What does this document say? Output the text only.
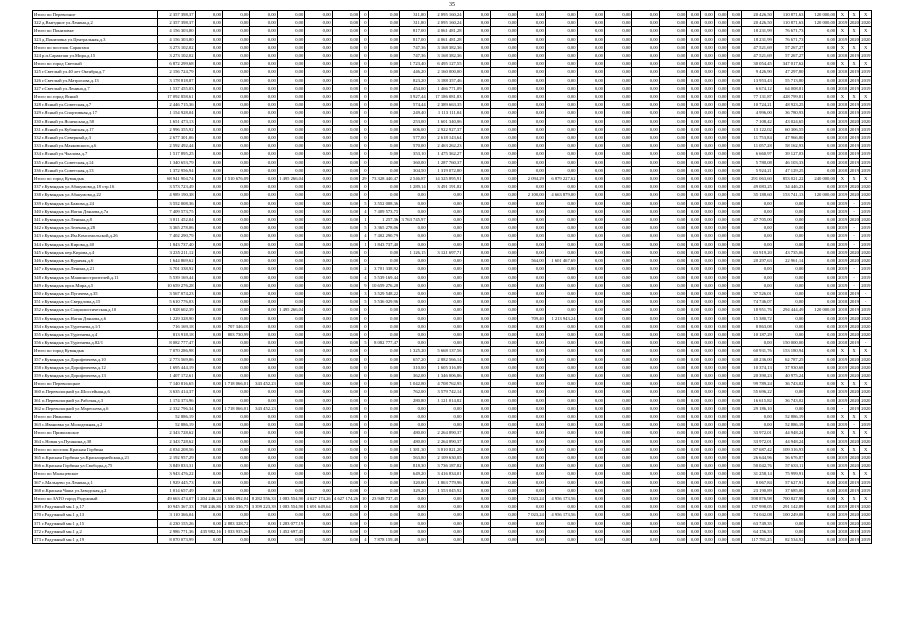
35
Итого по Перевозное	2 357 398,37	0,00	0,00	0,00	0,00	0,00	0,00	0	0,00	311,80	2 095 160,24	0,00	0,00	0,00	0,00	0,00	0,00	0,00	0,00	0,00	0,00	0,00	0,00	20 426,50	110 871,63	120 000,00	X	X	X
322 д.Выездное ул.Ленина,д.2	2 357 398,37	0,00	0,00	0,00	0,00	0,00	0,00	0	0,00	311,80	2 095 160,24	0,00	0,00	0,00	0,00	0,00	0,00	0,00	0,00	0,00	0,00	0,00	0,00	20 426,50	110 871,63	120 000,00	2019	2020	2020
Итого по Понизовке	4 156 303,80	0,00	0,00	0,00	0,00	0,00	0,00	0	0,00	817,00	4 061 481,28	0,00	0,00	0,00	0,00	0,00	0,00	0,00	0,00	0,00	0,00	0,00	0,00	18 231,99	76 671,73	0,00	X	X	X
323 д.Понизовка ул.Центральная,д.3	4 156 303,80	0,00	0,00	0,00	0,00	0,00	0,00	0	0,00	817,00	4 061 481,28	0,00	0,00	0,00	0,00	0,00	0,00	0,00	0,00	0,00	0,00	0,00	0,00	18 231,99	76 671,73	0,00	2019	2020	2020
Итого по поселок Саракташ	3 273 102,02	0,00	0,00	0,00	0,00	0,00	0,00	0	0,00	747,36	3 168 382,36	0,00	0,00	0,00	0,00	0,00	0,00	0,00	0,00	0,00	0,00	0,00	0,00	47 521,69	57 267,27	0,00	X	X	X
324 р.п.Саракташ ул.Мира,д.15	3 273 102,02	0,00	0,00	0,00	0,00	0,00	0,00	0	0,00	747,36	3 168 382,36	0,00	0,00	0,00	0,00	0,00	0,00	0,00	0,00	0,00	0,00	0,00	0,00	47 521,69	57 267,27	0,00	2018	2019	2019
Итого по город Светлый	6 872 299,68	0,00	0,00	0,00	0,00	0,00	0,00	0	0,00	1 723,40	6 495 127,55	0,00	0,00	0,00	0,00	0,00	0,00	0,00	0,00	0,00	0,00	0,00	0,00	30 054,45	347 017,62	0,00	X	X	X
325 г.Светлый ул.40 лет Октября,д.7	2 156 724,79	0,00	0,00	0,00	0,00	0,00	0,00	0	0,00	446,20	2 160 000,00	0,00	0,00	0,00	0,00	0,00	0,00	0,00	0,00	0,00	0,00	0,00	0,00	9 426,90	47 297,80	0,00	2018	2019	2019
326 г.Светлый ул.Матросова,д.13	3 178 818,87	0,00	0,00	0,00	0,00	0,00	0,00	0	0,00	823,20	3 188 357,46	0,00	0,00	0,00	0,00	0,00	0,00	0,00	0,00	0,00	0,00	0,00	0,00	13 953,43	55 713,80	0,00	2018	2019	2019
327 г.Светлый ул.Ленина,д.7	1 537 455,03	0,00	0,00	0,00	0,00	0,00	0,00	0	0,00	454,00	1 466 771,09	0,00	0,00	0,00	0,00	0,00	0,00	0,00	0,00	0,00	0,00	0,00	0,00	6 674,12	64 008,81	0,00	2018	2019	2019
Итого по город Ясный	17 092 858,61	0,00	0,00	0,00	0,00	0,00	0,00	0	0,00	3 927,44	17 186 081,83	0,00	0,00	0,00	0,00	0,00	0,00	0,00	0,00	0,00	0,00	0,00	0,00	77 131,87	428 799,81	0,00	X	X	X
328 г.Ясный ул.Советская,д.7	2 446 715,36	0,00	0,00	0,00	0,00	0,00	0,00	0	0,00	574,44	2 389 663,35	0,00	0,00	0,00	0,00	0,00	0,00	0,00	0,00	0,00	0,00	0,00	0,00	10 724,21	48 923,25	0,00	2018	2019	2019
329 г.Ясный ул.Спортивная,д.17	1 154 928,04	0,00	0,00	0,00	0,00	0,00	0,00	0	0,00	249,40	1 113 111,04	0,00	0,00	0,00	0,00	0,00	0,00	0,00	0,00	0,00	0,00	0,00	0,00	4 996,00	36 780,93	0,00	2018	2019	2019
330 г.Ясный ул.Ясненская,д.58	1 651 473,13	0,00	0,00	0,00	0,00	0,00	0,00	0	0,00	253,00	1 601 340,06	0,00	0,00	0,00	0,00	0,00	0,00	0,00	0,00	0,00	0,00	0,00	0,00	7 108,42	43 024,65	0,00	2019	2020	2020
331 г.Ясный ул.Кубанская,д.17	2 996 355,92	0,00	0,00	0,00	0,00	0,00	0,00	0	0,00	606,00	2 922 927,37	0,00	0,00	0,00	0,00	0,00	0,00	0,00	0,00	0,00	0,00	0,00	0,00	13 122,02	60 306,55	0,00	2018	2019	2019
332 г.Ясный ул.Северный,д.3	2 677 301,06	0,00	0,00	0,00	0,00	0,00	0,00	0	0,00	577,00	2 618 143,64	0,00	0,00	0,00	0,00	0,00	0,00	0,00	0,00	0,00	0,00	0,00	0,00	11 753,84	47 966,80	0,00	2018	2019	2019
333 г.Ясный ул.Маяковского,д.6	2 592 492,44	0,00	0,00	0,00	0,00	0,00	0,00	0	0,00	570,00	2 463 262,23	0,00	0,00	0,00	0,00	0,00	0,00	0,00	0,00	0,00	0,00	0,00	0,00	11 057,28	58 162,93	0,00	2018	2019	2019
334 г.Ясный ул.Чкалова,д.7	1 517 895,25	0,00	0,00	0,00	0,00	0,00	0,00	0	0,00	353,10	1 475 362,27	0,00	0,00	0,00	0,00	0,00	0,00	0,00	0,00	0,00	0,00	0,00	0,00	6 660,97	39 127,03	0,00	2018	2019	2019
335 г.Ясный ул.Советская,д.14	1 340 653,79	0,00	0,00	0,00	0,00	0,00	0,00	0	0,00	360,00	1 287 760,37	0,00	0,00	0,00	0,00	0,00	0,00	0,00	0,00	0,00	0,00	0,00	0,00	5 780,08	46 103,33	0,00	2018	2019	2019
336 г.Ясный ул.Советская,д.13	1 372 956,94	0,00	0,00	0,00	0,00	0,00	0,00	0	0,00	304,50	1 319 072,80	0,00	0,00	0,00	0,00	0,00	0,00	0,00	0,00	0,00	0,00	0,00	0,00	5 924,21	47 129,25	0,00	2018	2019	2019
Итого по город Кувандык	68 941 904,74	0,00	1 510 676,09	0,00	1 495 266,04	0,00	0,00	29	73 328 440,47	2 546,87	14 325 895,91	0,00	0,00	2 094,29	6 879 227,62	0,00	0,00	0,00	0,00	0,00	0,00	0,00	0,00	291 063,60	853 021,22	240 000,00	X	X	X
337 г.Кувандык ул.Абакумова,д.18 стр.16	3 573 723,49	0,00	0,00	0,00	0,00	0,00	0,00	0	0,00	1 289,14	3 491 191,82	0,00	0,00	0,00	0,00	0,00	0,00	0,00	0,00	0,00	0,00	0,00	0,00	49 083,25	34 446,23	0,00	2019	2020	2020
338 г.Кувандык ул.Абакумова,д.22	4 989 190,38	0,00	0,00	0,00	0,00	0,00	0,00	0	0,00	0,00	0,00	0,00	0,00	2 100,00	4 663 879,00	0,00	0,00	0,00	0,00	0,00	0,00	0,00	0,00	35 188,60	153 741,13	120 000,00	2019	2020	2020
339 г.Кувандык ул.Бажова,д.24	3 552 008,36	0,00	0,00	0,00	0,00	0,00	0,00	5	3 552 008,36	0,00	0,00	0,00	0,00	0,00	0,00	0,00	0,00	0,00	0,00	0,00	0,00	0,00	0,00	0,00	0,00	0,00	2019	-	2019
340 г.Кувандык ул.Нагая Дзянова,д.7а	7 409 573,75	0,00	0,00	0,00	0,00	0,00	0,00	4	7 409 573,75	0,00	0,00	0,00	0,00	0,00	0,00	0,00	0,00	0,00	0,00	0,00	0,00	0,00	0,00	0,00	0,00	0,00	2019	-	2019
341 г.Кувандык ул.Ленина,д.8	3 811 452,04	0,00	0,00	0,00	0,00	0,00	0,00	1	1 257,36	3 763 745,97	0,00	0,00	0,00	0,00	0,00	0,00	0,00	0,00	0,00	0,00	0,00	0,00	0,00	47 705,00	0,00	0,00	2019	2020	2020
342 г.Кувандык ул.Зеленая,д.28	3 365 278,06	0,00	0,00	0,00	0,00	0,00	0,00	5	3 365 278,06	0,00	0,00	0,00	0,00	0,00	0,00	0,00	0,00	0,00	0,00	0,00	0,00	0,00	0,00	0,00	0,00	0,00	2019	-	2019
343 г.Кувандык ул.Им.Комсомольской,д.26	7 402 290,79	0,00	0,00	0,00	0,00	0,00	0,00	4	7 402 290,79	0,00	0,00	0,00	0,00	0,00	0,00	0,00	0,00	0,00	0,00	0,00	0,00	0,00	0,00	0,00	0,00	0,00	2019	-	2019
344 г.Кувандык ул.Кирова,д.40	1 843 737,40	0,00	0,00	0,00	0,00	0,00	0,00	1	1 843 737,40	0,00	0,00	0,00	0,00	0,00	0,00	0,00	0,00	0,00	0,00	0,00	0,00	0,00	0,00	0,00	0,00	0,00	2019	-	2019
345 г.Кувандык пер.Кирова,д.4	3 235 211,12	0,00	0,00	0,00	0,00	0,00	0,00	0	0,00	1 126,15	3 121 697,71	0,00	0,00	0,00	0,00	0,00	0,00	0,00	0,00	0,00	0,00	0,00	0,00	63 919,20	43 735,06	0,00	2019	2020	2020
346 г.Кувандык ул.Курячая,д.6	1 644 869,62	0,00	0,00	0,00	0,00	0,00	0,00	0	0,00	0,00	0,00	0,00	0,00	564,00	1 601 467,69	0,00	0,00	0,00	0,00	0,00	0,00	0,00	0,00	20 297,63	22 961,14	0,00	2019	2020	2020
347 г.Кувандык ул.Ленина,д.21	3 701 338,92	0,00	0,00	0,00	0,00	0,00	0,00	2	3 701 338,92	0,00	0,00	0,00	0,00	0,00	0,00	0,00	0,00	0,00	0,00	0,00	0,00	0,00	0,00	0,00	0,00	0,00	2019	-	2019
348 г.Кувандык ул.Машиностроителей,д.11	5 539 169,44	0,00	0,00	0,00	0,00	0,00	0,00	4	5 539 169,44	0,00	0,00	0,00	0,00	0,00	0,00	0,00	0,00	0,00	0,00	0,00	0,00	0,00	0,00	0,00	0,00	0,00	2019	-	2019
349 г.Кувандык прсп.Мира,д.5	10 659 276,28	0,00	0,00	0,00	0,00	0,00	0,00	9	10 659 276,28	0,00	0,00	0,00	0,00	0,00	0,00	0,00	0,00	0,00	0,00	0,00	0,00	0,00	0,00	0,00	0,00	0,00	2019	-	2019
350 г.Кувандык ул.Пугачева,д.35	3 567 074,23	0,00	0,00	0,00	0,00	0,00	0,00	3	3 529 548,22	0,00	0,00	0,00	0,00	0,00	0,00	0,00	0,00	0,00	0,00	0,00	0,00	0,00	0,00	37 526,01	0,00	0,00	2018	2019	-
351 г.Кувандык ул.Свердлова,д.15	5 610 776,03	0,00	0,00	0,00	0,00	0,00	0,00	5	5 536 029,96	0,00	0,00	0,00	0,00	0,00	0,00	0,00	0,00	0,00	0,00	0,00	0,00	0,00	0,00	74 746,07	0,00	0,00	2018	2019	-
352 г.Кувандык ул.Социалистическая,д.10	1 928 602,39	0,00	0,00	0,00	1 495 266,04	0,00	0,00	0	0,00	0,00	0,00	0,00	0,00	0,00	0,00	0,00	0,00	0,00	0,00	0,00	0,00	0,00	0,00	18 951,76	294 444,49	120 000,00	2018	2019	2019
353 г.Кувандык ул.Нагая Дзянова,д.6	1 229 328,90	0,00	0,00	0,00	0,00	0,00	0,00	0	0,00	0,00	0,00	0,00	0,00	709,40	1 213 943,24	0,00	0,00	0,00	0,00	0,00	0,00	0,00	0,00	15 380,72	0,00	0,00	2019	2020	2020
354 г.Кувандык ул.Тургенева,д.1/1	716 169,18	0,00	707 346,10	0,00	0,00	0,00	0,00	0	0,00	0,00	0,00	0,00	0,00	0,00	0,00	0,00	0,00	0,00	0,00	0,00	0,00	0,00	0,00	8 863,08	0,00	0,00	2019	2020	2020
355 г.Кувандык ул.Тургенева,д.4	813 918,18	0,00	803 730,99	0,00	0,00	0,00	0,00	0	0,00	0,00	0,00	0,00	0,00	0,00	0,00	0,00	0,00	0,00	0,00	0,00	0,00	0,00	0,00	10 187,29	0,00	0,00	2019	2020	2020
356 г.Кувандык ул.Тургенева,д.82/1	8 082 777,47	0,00	0,00	0,00	0,00	0,00	0,00	5	8 082 777,47	0,00	0,00	0,00	0,00	0,00	0,00	0,00	0,00	0,00	0,00	0,00	0,00	0,00	0,00	0,00	150 000,00	0,00	2018	2019	-
Итого по город Кувандык	7 070 286,98	0,00	0,00	0,00	0,00	0,00	0,00	0	0,00	1 325,20	5 668 137,56	0,00	0,00	0,00	0,00	0,00	0,00	0,00	0,00	0,00	0,00	0,00	0,00	60 931,76	153 180,94	0,00	X	X	X
357 г.Кувандык ул.Дорофеичева,д.10	2 773 569,86	0,00	0,00	0,00	0,00	0,00	0,00	0	0,00	657,20	2 882 566,14	0,00	0,00	0,00	0,00	0,00	0,00	0,00	0,00	0,00	0,00	0,00	0,00	40 236,00	62 787,25	0,00	2019	2020	2020
358 г.Кувандык ул.Дорофеичева,д.12	1 695 444,19	0,00	0,00	0,00	0,00	0,00	0,00	0	0,00	310,00	1 605 316,89	0,00	0,00	0,00	0,00	0,00	0,00	0,00	0,00	0,00	0,00	0,00	0,00	10 374,13	37 930,68	0,00	2019	2020	2020
359 г.Кувандык ул.Дорофеичева,д.13	1 407 172,61	0,00	0,00	0,00	0,00	0,00	0,00	0	0,00	362,00	1 346 006,86	0,00	0,00	0,00	0,00	0,00	0,00	0,00	0,00	0,00	0,00	0,00	0,00	20 390,23	40 975,24	0,00	2019	2020	2020
Итого по Переволоцкое	7 140 816,65	0,00	1 718 066,01	343 452,23	0,00	0,00	0,00	0	0,00	1 042,80	4 708 762,95	0,00	0,00	0,00	0,00	0,00	0,00	0,00	0,00	0,00	0,00	0,00	0,00	99 789,24	36 743,02	0,00	X	X	X
360 п.Переволоцкий ул.Шоссейная,д.6	3 635 414,37	0,00	0,00	0,00	0,00	0,00	0,00	0	0,00	762,00	3 579 742,14	0,00	0,00	0,00	0,00	0,00	0,00	0,00	0,00	0,00	0,00	0,00	0,00	55 696,22	0,00	0,00	2019	2020	2020
361 п.Переволоцкий ул.Рабочая,д.3	1 174 373,96	0,00	0,00	0,00	0,00	0,00	0,00	0	0,00	280,80	1 121 014,82	0,00	0,00	0,00	0,00	0,00	0,00	0,00	0,00	0,00	0,00	0,00	0,00	16 615,82	36 743,02	0,00	2019	2020	2020
362 п.Переволоцкий ул.Маресьева,д.6	2 332 796,34	0,00	1 718 066,01	343 452,23	0,00	0,00	0,00	0	0,00	0,00	0,00	0,00	0,00	0,00	0,00	0,00	0,00	0,00	0,00	0,00	0,00	0,00	0,00	29 186,10	0,00	0,00	-	2019	2020
Итого по Ивановка	52 886,19	0,00	0,00	0,00	0,00	0,00	0,00	0	0,00	0,00	0,00	0,00	0,00	0,00	0,00	0,00	0,00	0,00	0,00	0,00	0,00	0,00	0,00	0,00	52 886,19	0,00	X	X	X
363 с.Ивановка ул.Молодежная,д.2	52 886,19	0,00	0,00	0,00	0,00	0,00	0,00	0	0,00	0,00	0,00	0,00	0,00	0,00	0,00	0,00	0,00	0,00	0,00	0,00	0,00	0,00	0,00	0,00	52 886,19	0,00	2019	-	2019
Итого по Приволжское	2 343 728,62	0,00	0,00	0,00	0,00	0,00	0,00	0	0,00	480,00	2 264 890,37	0,00	0,00	0,00	0,00	0,00	0,00	0,00	0,00	0,00	0,00	0,00	0,00	33 972,01	44 948,24	0,00	X	X	X
364 с.Новая ул.Пушкина,д.38	2 343 728,62	0,00	0,00	0,00	0,00	0,00	0,00	0	0,00	480,00	2 264 890,37	0,00	0,00	0,00	0,00	0,00	0,00	0,00	0,00	0,00	0,00	0,00	0,00	33 972,01	44 948,24	0,00	2019	2020	2020
Итого по поселок Красная Горбина	4 034 208,56	0,00	0,00	0,00	0,00	0,00	0,00	0	0,00	1 381,30	3 810 821,20	0,00	0,00	0,00	0,00	0,00	0,00	0,00	0,00	0,00	0,00	0,00	0,00	87 687,42	109 316,93	0,00	X	X	X
365 п.Красная Горбина ул.Красноармейская,д.21	2 192 957,29	0,00	0,00	0,00	0,00	0,00	0,00	0	0,00	563,80	2 109 630,05	0,00	0,00	0,00	0,00	0,00	0,00	0,00	0,00	0,00	0,00	0,00	0,00	26 644,96	56 676,87	0,00	2019	2020	2020
366 п.Красная Горбина ул.Свободы,д.75	3 849 833,31	0,00	0,00	0,00	0,00	0,00	0,00	0	0,00	818,30	3 736 187,82	0,00	0,00	0,00	0,00	0,00	0,00	0,00	0,00	0,00	0,00	0,00	0,00	50 042,76	57 633,11	0,00	2019	2020	2020
Итого по Мальцевское	3 943 476,22	0,00	0,00	0,00	0,00	0,00	0,00	0	0,00	649,20	3 416 834,01	0,00	0,00	0,00	0,00	0,00	0,00	0,00	0,00	0,00	0,00	0,00	0,00	31 258,14	75 999,91	0,00	X	X	X
367 с.Мальцево ул.Ленина,д.1	1 929 445,73	0,00	0,00	0,00	0,00	0,00	0,00	0	0,00	320,00	1 863 779,96	0,00	0,00	0,00	0,00	0,00	0,00	0,00	0,00	0,00	0,00	0,00	0,00	8 067,84	57 627,91	0,00	2018	2019	2019
368 п.Красная Чаша ул.Заводская,д.2	1 014 657,49	0,00	0,00	0,00	0,00	0,00	0,00	0	0,00	329,20	1 553 045,92	0,00	0,00	0,00	0,00	0,00	0,00	0,00	0,00	0,00	0,00	0,00	0,00	23 190,89	37 685,00	0,00	2018	2019	2019
Итого по ЗАТО город Радужный	49 663 474,07	1 204 246,24	3 604 092,04	8 282 556,33	1 083 554,90	4 627 174,26	4 627 174,26	10	23 948 737,45	0,00	0,00	0,00	0,00	7 023,24	4 956 173,56	0,00	0,00	0,00	0,00	0,00	0,00	0,00	0,00	598 876,98	700 827,98	0,00	X	X	X
369 г.Радужный мн.1 д.17	10 945 367,33	768 246,86	1 530 336,75	3 399 223,39	1 083 554,90	1 691 649,64	0,00	0	0,00	0,00	0,00	0,00	0,00	0,00	0,00	0,00	0,00	0,00	0,00	0,00	0,00	0,00	0,00	137 998,05	291 142,89	0,00	2019	2019	2020
370 г.Радужный мн.1 д.13	3 110 366,04	0,00	0,00	0,00	0,00	0,00	0,00	0	0,00	0,00	0,00	0,00	0,00	7 023,24	4 956 173,56	0,00	0,00	0,00	0,00	0,00	0,00	0,00	0,00	74 042,08	100 249,08	0,00	2019	2020	2020
371 г.Радужный мн.1 д.15	4 230 155,26	0,00	2 883 328,72	0,00	1 283 077,19	0,00	0,00	0	0,00	0,00	0,00	0,00	0,00	0,00	0,00	0,00	0,00	0,00	0,00	0,00	0,00	0,00	0,00	63 749,35	0,00	0,00	2019	2020	2020
372 г.Радужный мн.1 д.2	2 986 771,36	435 982,16	1 033 935,26	0,00	1 452 697,45	0,00	0,00	0	0,00	0,00	0,00	0,00	0,00	0,00	0,00	0,00	0,00	0,00	0,00	0,00	0,00	0,00	0,00	64 156,33	0,00	0,00	2018	2019	2019
373 г.Радужный мн.1 д.19	8 070 073,99	0,00	0,00	0,00	0,00	0,00	0,00	4	7 878 159,48	0,00	0,00	0,00	0,00	0,00	0,00	0,00	0,00	0,00	0,00	0,00	0,00	0,00	0,00	117 781,25	82 534,92	0,00	2018	2019	2019
